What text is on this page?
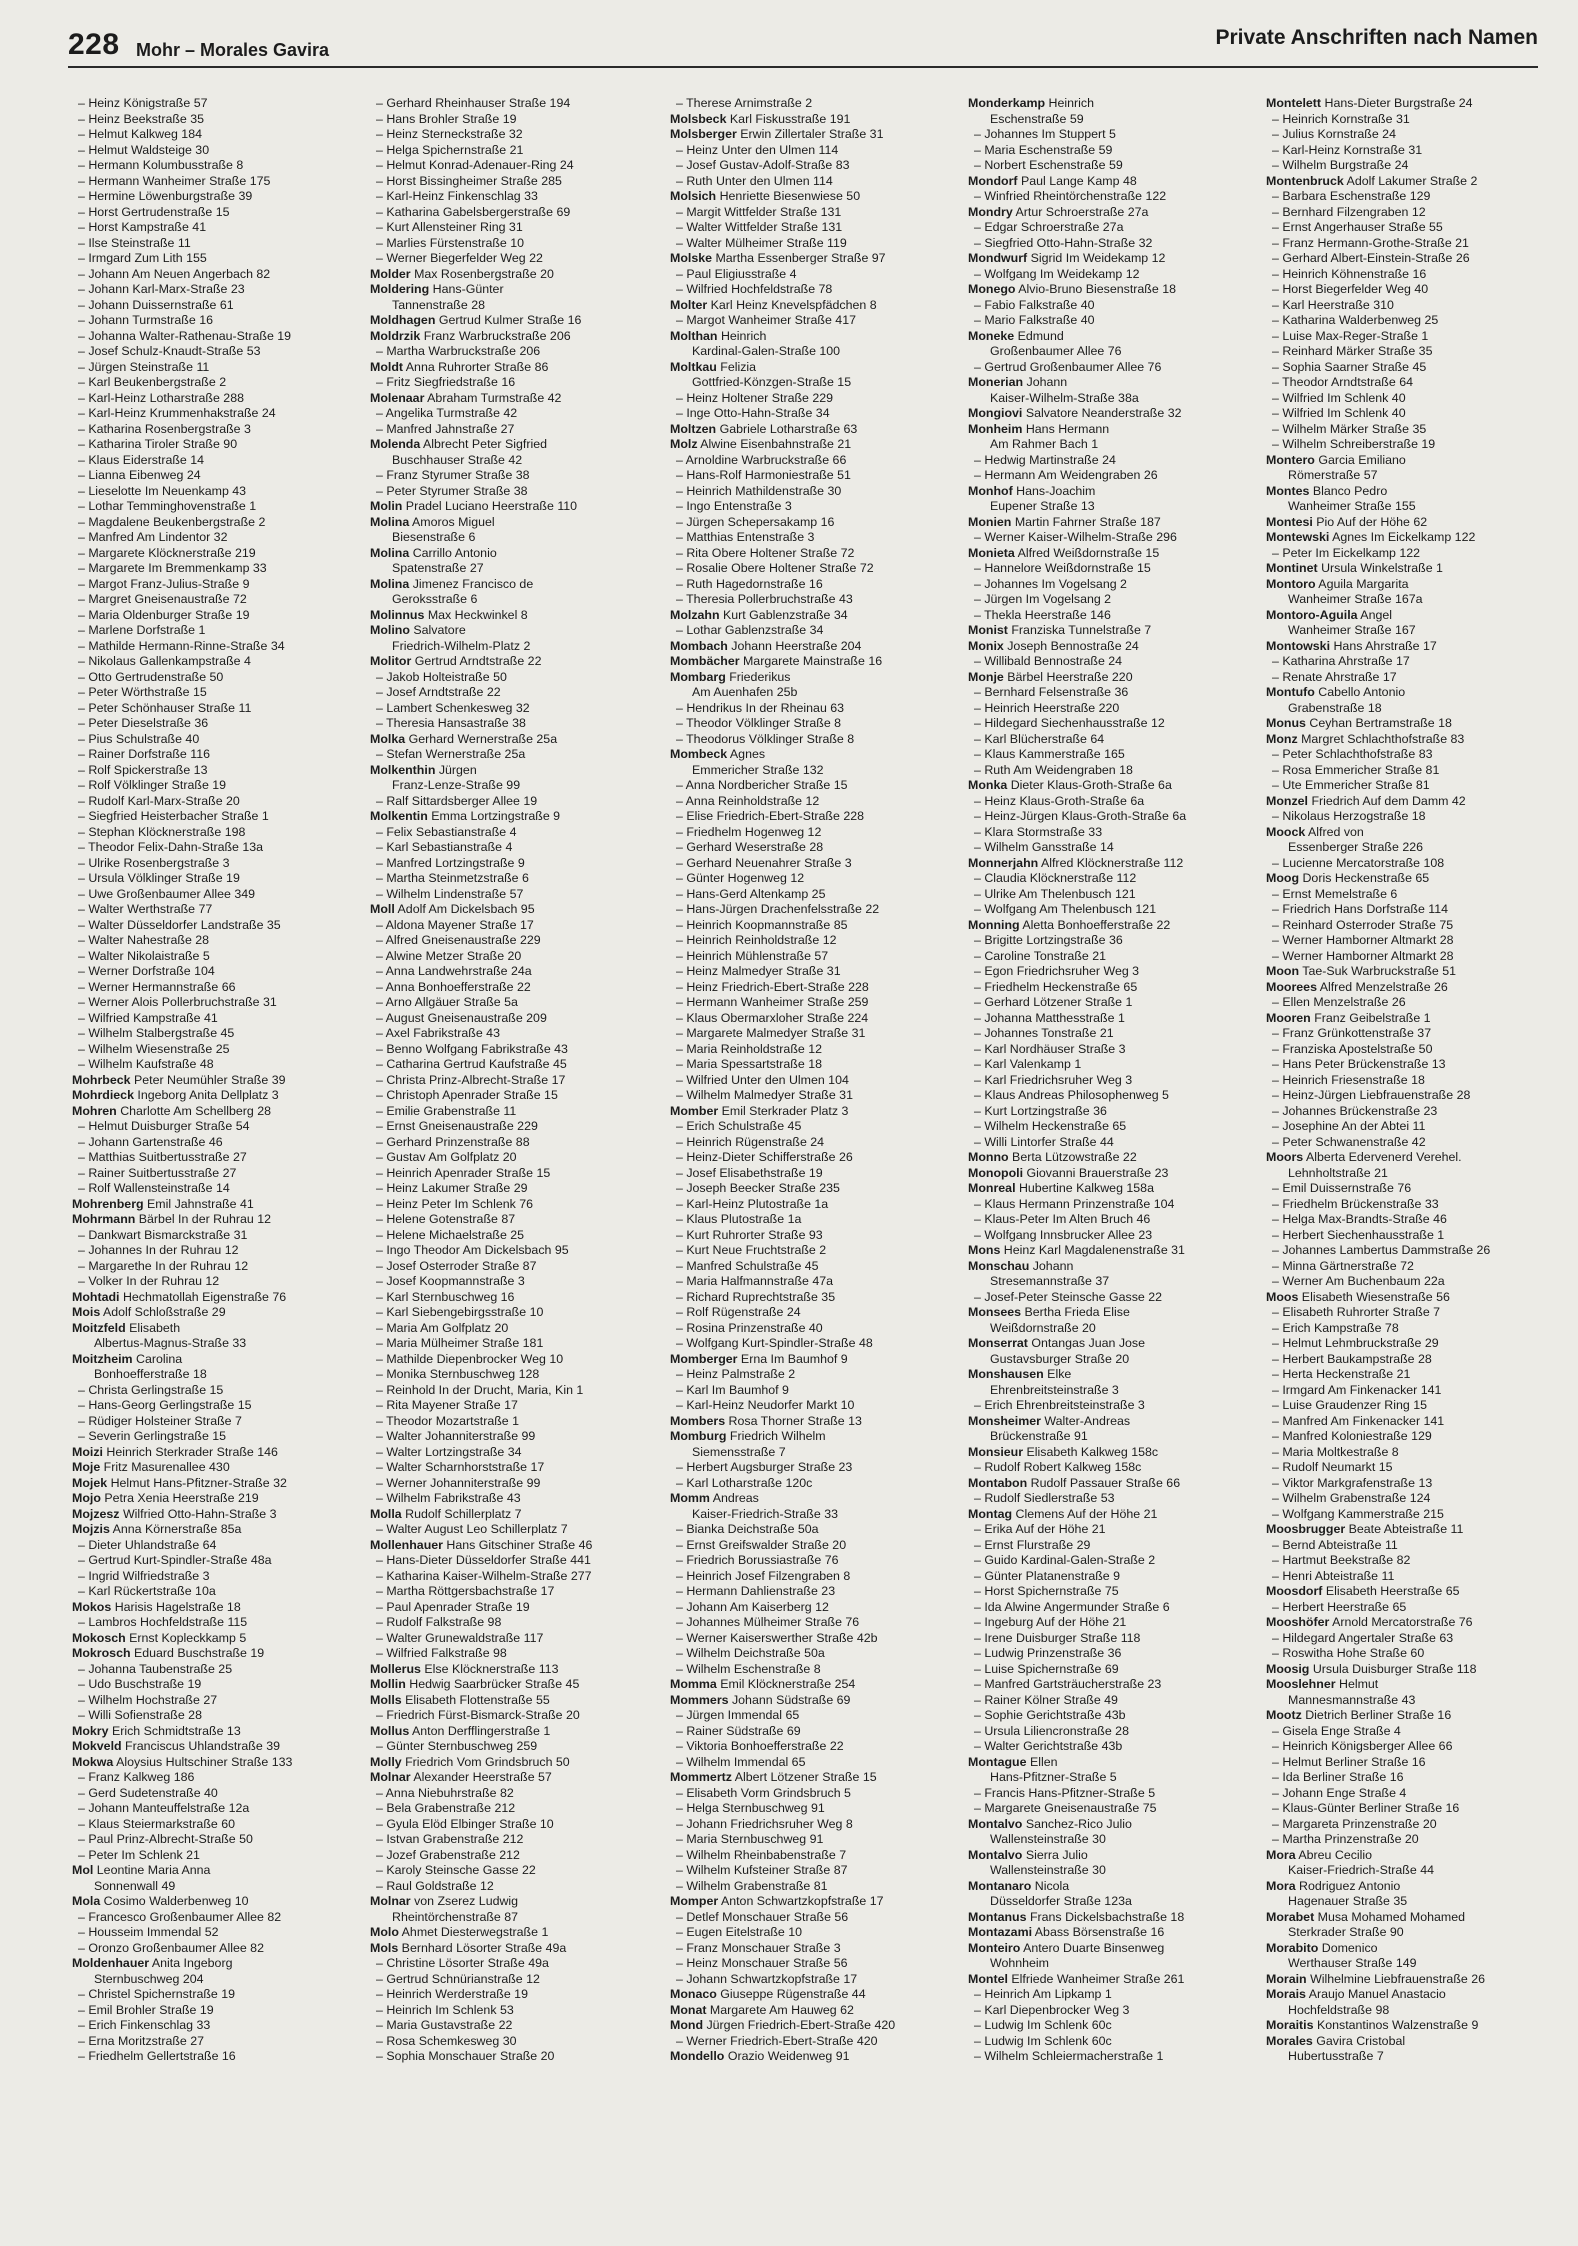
228 Mohr – Morales Gavira
Private Anschriften nach Namen
– Heinz Königstraße 57
– Heinz Beekstraße 35
– Helmut Kalkweg 184
– Helmut Waldsteige 30
– Hermann Kolumbusstraße 8
– Hermann Wanheimer Straße 175
– Hermine Löwenburgstraße 39
– Horst Gertrudenstraße 15
– Horst Kampstraße 41
– Ilse Steinstraße 11
– Irmgard Zum Lith 155
– Johann Am Neuen Angerbach 82
– Johann Karl-Marx-Straße 23
– Johann Duissernstraße 61
– Johann Turmstraße 16
– Johanna Walter-Rathenau-Straße 19
– Josef Schulz-Knaudt-Straße 53
– Jürgen Steinstraße 11
– Karl Beukenbergstraße 2
– Karl-Heinz Lotharstraße 288
– Karl-Heinz Krummenhakstraße 24
– Katharina Rosenbergstraße 3
– Katharina Tiroler Straße 90
– Klaus Eiderstraße 14
– Lianna Eibenweg 24
– Lieselotte Im Neuenkamp 43
– Lothar Temminghovenstraße 1
– Magdalene Beukenbergstraße 2
– Manfred Am Lindentor 32
– Margarete Klöcknerstraße 219
– Margarete Im Bremmenkamp 33
– Margot Franz-Julius-Straße 9
– Margret Gneisenaustraße 72
– Maria Oldenburger Straße 19
– Marlene Dorfstraße 1
– Mathilde Hermann-Rinne-Straße 34
– Nikolaus Gallenkampstraße 4
– Otto Gertrudenstraße 50
– Peter Wörthstraße 15
– Peter Schönhauser Straße 11
– Peter Dieselstraße 36
– Pius Schulstraße 40
– Rainer Dorfstraße 116
– Rolf Spickerstraße 13
– Rolf Völklinger Straße 19
– Rudolf Karl-Marx-Straße 20
– Siegfried Heisterbacher Straße 1
– Stephan Klöcknerstraße 198
– Theodor Felix-Dahn-Straße 13a
– Ulrike Rosenbergstraße 3
– Ursula Völklinger Straße 19
– Uwe Großenbaumer Allee 349
– Walter Werthstraße 77
– Walter Düsseldorfer Landstraße 35
– Walter Nahestraße 28
– Walter Nikolaistraße 5
– Werner Dorfstraße 104
– Werner Hermannstraße 66
– Werner Alois Pollerbruchstraße 31
– Wilfried Kampstraße 41
– Wilhelm Stalbergstraße 45
– Wilhelm Wiesenstraße 25
– Wilhelm Kaufstraße 48
Mohrbeck Peter Neumühler Straße 39
Mohrdieck Ingeborg Anita Dellplatz 3
Mohren Charlotte Am Schellberg 28
– Helmut Duisburger Straße 54
– Johann Gartenstraße 46
– Matthias Suitbertusstraße 27
– Rainer Suitbertusstraße 27
– Rolf Wallensteinstraße 14
Mohrenberg Emil Jahnstraße 41
Mohrmann Bärbel In der Ruhrau 12
– Dankwart Bismarckstraße 31
– Johannes In der Ruhrau 12
– Margarethe In der Ruhrau 12
– Volker In der Ruhrau 12
Mohtadi Hechmatollah Eigenstraße 76
Mois Adolf Schloßstraße 29
Moitzfeld Elisabeth
Albertus-Magnus-Straße 33
Moitzheim Carolina
Bonhoefferstraße 18
– Christa Gerlingstraße 15
– Hans-Georg Gerlingstraße 15
– Rüdiger Holsteiner Straße 7
– Severin Gerlingstraße 15
Moizi Heinrich Sterkrader Straße 146
Moje Fritz Masurenallee 430
Mojek Helmut Hans-Pfitzner-Straße 32
Mojo Petra Xenia Heerstraße 219
Mojzesz Wilfried Otto-Hahn-Straße 3
Mojzis Anna Körnerstraße 85a
– Dieter Uhlandstraße 64
– Gertrud Kurt-Spindler-Straße 48a
– Ingrid Wilfriedstraße 3
– Karl Rückertstraße 10a
Mokos Harisis Hagelstraße 18
– Lambros Hochfeldstraße 115
Mokosch Ernst Kopleckkamp 5
Mokrosch Eduard Buschstraße 19
– Johanna Taubenstraße 25
– Udo Buschstraße 19
– Wilhelm Hochstraße 27
– Willi Sofienstraße 28
Mokry Erich Schmidtstraße 13
Mokveld Franciscus Uhlandstraße 39
Mokwa Aloysius Hultschiner Straße 133
– Franz Kalkweg 186
– Gerd Sudetenstraße 40
– Johann Manteuffelstraße 12a
– Klaus Steiermarkstraße 60
– Paul Prinz-Albrecht-Straße 50
– Peter Im Schlenk 21
Mol Leontine Maria Anna
Sonnenwall 49
Mola Cosimo Walderbenweg 10
– Francesco Großenbaumer Allee 82
– Housseim Immendal 52
– Oronzo Großenbaumer Allee 82
Moldenhauer Anita Ingeborg
Sternbuschweg 204
– Christel Spichernstraße 19
– Emil Brohler Straße 19
– Erich Finkenschlag 33
– Erna Moritzstraße 27
– Friedhelm Gellertstraße 16
– Gerhard Rheinhauser Straße 194
– Hans Brohler Straße 19
– Heinz Sterneckstraße 32
– Helga Spichernstraße 21
– Helmut Konrad-Adenauer-Ring 24
– Horst Bissingheimer Straße 285
– Karl-Heinz Finkenschlag 33
– Katharina Gabelsbergerstraße 69
– Kurt Allensteiner Ring 31
– Marlies Fürstenstraße 10
– Werner Biegerfelder Weg 22
Molder Max Rosenbergstraße 20
Moldering Hans-Günter
Tannenstraße 28
Moldhagen Gertrud Kulmer Straße 16
Moldrzik Franz Warbruckstraße 206
– Martha Warbruckstraße 206
Moldt Anna Ruhrorter Straße 86
– Fritz Siegfriedstraße 16
Molenaar Abraham Turmstraße 42
– Angelika Turmstraße 42
– Manfred Jahnstraße 27
Molenda Albrecht Peter Sigfried
Buschhauser Straße 42
– Franz Styrumer Straße 38
– Peter Styrumer Straße 38
Molin Pradel Luciano Heerstraße 110
Molina Amoros Miguel
Biesenstraße 6
Molina Carrillo Antonio
Spatenstraße 27
Molina Jimenez Francisco de
Geroksstraße 6
Molinnus Max Heckwinkel 8
Molino Salvatore
Friedrich-Wilhelm-Platz 2
Molitor Gertrud Arndtstraße 22
– Jakob Holteistraße 50
– Josef Arndtstraße 22
– Lambert Schenkesweg 32
– Theresia Hansastraße 38
Molka Gerhard Wernerstraße 25a
– Stefan Wernerstraße 25a
Molkenthin Jürgen
Franz-Lenze-Straße 99
– Ralf Sittardsberger Allee 19
Molkentin Emma Lortzingstraße 9
– Felix Sebastianstraße 4
– Karl Sebastianstraße 4
– Manfred Lortzingstraße 9
– Martha Steinmetzstraße 6
– Wilhelm Lindenstraße 57
Moll Adolf Am Dickelsbach 95
– Aldona Mayener Straße 17
– Alfred Gneisenaustraße 229
– Alwine Metzer Straße 20
– Anna Landwehrstraße 24a
– Anna Bonhoefferstraße 22
– Arno Allgäuer Straße 5a
– August Gneisenaustraße 209
– Axel Fabrikstraße 43
– Benno Wolfgang Fabrikstraße 43
– Catharina Gertrud Kaufstraße 45
– Christa Prinz-Albrecht-Straße 17
– Christoph Apenrader Straße 15
– Emilie Grabenstraße 11
– Ernst Gneisenaustraße 229
– Gerhard Prinzenstraße 88
– Gustav Am Golfplatz 20
– Heinrich Apenrader Straße 15
– Heinz Lakumer Straße 29
– Heinz Peter Im Schlenk 76
– Helene Gotenstraße 87
– Helene Michaelstraße 25
– Ingo Theodor Am Dickelsbach 95
– Josef Osterroder Straße 87
– Josef Koopmannstraße 3
– Karl Sternbuschweg 16
– Karl Siebengebirgsstraße 10
– Maria Am Golfplatz 20
– Maria Mülheimer Straße 181
– Mathilde Diepenbrocker Weg 10
– Monika Sternbuschweg 128
– Reinhold In der Drucht, Maria, Kin 1
– Rita Mayener Straße 17
– Theodor Mozartstraße 1
– Walter Johanniterstraße 99
– Walter Lortzingstraße 34
– Walter Scharnhorststraße 17
– Werner Johanniterstraße 99
– Wilhelm Fabrikstraße 43
Molla Rudolf Schillerplatz 7
– Walter August Leo Schillerplatz 7
Mollenhauer Hans Gitschiner Straße 46
– Hans-Dieter Düsseldorfer Straße 441
– Katharina Kaiser-Wilhelm-Straße 277
– Martha Röttgersbachstraße 17
– Paul Apenrader Straße 19
– Rudolf Falkstraße 98
– Walter Grunewaldstraße 117
– Wilfried Falkstraße 98
Mollerus Else Klöcknerstraße 113
Mollin Hedwig Saarbrücker Straße 45
Molls Elisabeth Flottenstraße 55
– Friedrich Fürst-Bismarck-Straße 20
Mollus Anton Derfflingerstraße 1
– Günter Sternbuschweg 259
Molly Friedrich Vom Grindsbruch 50
Molnar Alexander Heerstraße 57
– Anna Niebuhrstraße 82
– Bela Grabenstraße 212
– Gyula Elöd Elbinger Straße 10
– Istvan Grabenstraße 212
– Jozef Grabenstraße 212
– Karoly Steinsche Gasse 22
– Raul Goldstraße 12
Molnar von Zserez Ludwig
Rheintörchenstraße 87
Molo Ahmet Diesterwegstraße 1
Mols Bernhard Lösorter Straße 49a
– Christine Lösorter Straße 49a
– Gertrud Schnürianstraße 12
– Heinrich Werderstraße 19
– Heinrich Im Schlenk 53
– Maria Gustavstraße 22
– Rosa Schemkesweg 30
– Sophia Monschauer Straße 20
– Therese Arnimstraße 2
Molsbeck Karl Fiskusstraße 191
Molsberger Erwin Zillertaler Straße 31
– Heinz Unter den Ulmen 114
– Josef Gustav-Adolf-Straße 83
– Ruth Unter den Ulmen 114
Molsich Henriette Biesenwiese 50
– Margit Wittfelder Straße 131
– Walter Wittfelder Straße 131
– Walter Mülheimer Straße 119
Molske Martha Essenberger Straße 97
– Paul Eligiusstraße 4
– Wilfried Hochfeldstraße 78
Molter Karl Heinz Knevelspfädchen 8
– Margot Wanheimer Straße 417
Molthan Heinrich
Kardinal-Galen-Straße 100
Moltkau Felizia
Gottfried-Könzgen-Straße 15
– Heinz Holtener Straße 229
– Inge Otto-Hahn-Straße 34
Moltzen Gabriele Lotharstraße 63
Molz Alwine Eisenbahnstraße 21
– Arnoldine Warbruckstraße 66
– Hans-Rolf Harmoniestraße 51
– Heinrich Mathildenstraße 30
– Ingo Entenstraße 3
– Jürgen Schepersakamp 16
– Matthias Entenstraße 3
– Rita Obere Holtener Straße 72
– Rosalie Obere Holtener Straße 72
– Ruth Hagedornstraße 16
– Theresia Pollerbruchstraße 43
Molzahn Kurt Gablenzstraße 34
– Lothar Gablenzstraße 34
Mombach Johann Heerstraße 204
Mombächer Margarete Mainstraße 16
Mombarg Friederikus
Am Auenhafen 25b
– Hendrikus In der Rheinau 63
– Theodor Völklinger Straße 8
– Theodorus Völklinger Straße 8
Mombeck Agnes
Emmericher Straße 132
– Anna Nordbericher Straße 15
– Anna Reinholdstraße 12
– Elise Friedrich-Ebert-Straße 228
– Friedhelm Hogenweg 12
– Gerhard Weserstraße 28
– Gerhard Neuenahrer Straße 3
– Günter Hogenweg 12
– Hans-Gerd Altenkamp 25
– Hans-Jürgen Drachenfelsstraße 22
– Heinrich Koopmannstraße 85
– Heinrich Reinholdstraße 12
– Heinrich Mühlenstraße 57
– Heinz Malmedyer Straße 31
– Heinz Friedrich-Ebert-Straße 228
– Hermann Wanheimer Straße 259
– Klaus Obermarxloher Straße 224
– Margarete Malmedyer Straße 31
– Maria Reinholdstraße 12
– Maria Spessartstraße 18
– Wilfried Unter den Ulmen 104
– Wilhelm Malmedyer Straße 31
Momber Emil Sterkrader Platz 3
– Erich Schulstraße 45
– Heinrich Rügenstraße 24
– Heinz-Dieter Schifferstraße 26
– Josef Elisabethstraße 19
– Joseph Beecker Straße 235
– Karl-Heinz Plutostraße 1a
– Klaus Plutostraße 1a
– Kurt Ruhrorter Straße 93
– Kurt Neue Fruchtstraße 2
– Manfred Schulstraße 45
– Maria Halfmannstraße 47a
– Richard Ruprechtstraße 35
– Rolf Rügenstraße 24
– Rosina Prinzenstraße 40
– Wolfgang Kurt-Spindler-Straße 48
Momberger Erna Im Baumhof 9
– Heinz Palmstraße 2
– Karl Im Baumhof 9
– Karl-Heinz Neudorfer Markt 10
Mombers Rosa Thorner Straße 13
Momburg Friedrich Wilhelm
Siemensstraße 7
– Herbert Augsburger Straße 23
– Karl Lotharstraße 120c
Momm Andreas
Kaiser-Friedrich-Straße 33
– Bianka Deichstraße 50a
– Ernst Greifswalder Straße 20
– Friedrich Borussiastraße 76
– Heinrich Josef Filzengraben 8
– Hermann Dahlienstraße 23
– Johann Am Kaiserberg 12
– Johannes Mülheimer Straße 76
– Werner Kaiserswerther Straße 42b
– Wilhelm Deichstraße 50a
– Wilhelm Eschenstraße 8
Momma Emil Klöcknerstraße 254
Mommers Johann Südstraße 69
– Jürgen Immendal 65
– Rainer Südstraße 69
– Viktoria Bonhoefferstraße 22
– Wilhelm Immendal 65
Mommertz Albert Lötzener Straße 15
– Elisabeth Vorm Grindsbruch 5
– Helga Sternbuschweg 91
– Johann Friedrichsruher Weg 8
– Maria Sternbuschweg 91
– Wilhelm Rheinbabenstraße 7
– Wilhelm Kufsteiner Straße 87
– Wilhelm Grabenstraße 81
Momper Anton Schwartzkopfstraße 17
– Detlef Monschauer Straße 56
– Eugen Eitelstraße 10
– Franz Monschauer Straße 3
– Heinz Monschauer Straße 56
– Johann Schwartzkopfstraße 17
Monaco Giuseppe Rügenstraße 44
Monat Margarete Am Hauweg 62
Mond Jürgen Friedrich-Ebert-Straße 420
– Werner Friedrich-Ebert-Straße 420
Mondello Orazio Weidenweg 91
Monderkamp Heinrich
Eschenstraße 59
– Johannes Im Stuppert 5
– Maria Eschenstraße 59
– Norbert Eschenstraße 59
Mondorf Paul Lange Kamp 48
– Winfried Rheintörchenstraße 122
Mondry Artur Schroerstraße 27a
– Edgar Schroerstraße 27a
– Siegfried Otto-Hahn-Straße 32
Mondwurf Sigrid Im Weidekamp 12
– Wolfgang Im Weidekamp 12
Monego Alvio-Bruno Biesenstraße 18
– Fabio Falkstraße 40
– Mario Falkstraße 40
Moneke Edmund
Großenbaumer Allee 76
– Gertrud Großenbaumer Allee 76
Monerian Johann
Kaiser-Wilhelm-Straße 38a
Mongiovi Salvatore Neanderstraße 32
Monheim Hans Hermann
Am Rahmer Bach 1
– Hedwig Martinstraße 24
– Hermann Am Weidengraben 26
Monhof Hans-Joachim
Eupener Straße 13
Monien Martin Fahrner Straße 187
– Werner Kaiser-Wilhelm-Straße 296
Monieta Alfred Weißdornstraße 15
– Hannelore Weißdornstraße 15
– Johannes Im Vogelsang 2
– Jürgen Im Vogelsang 2
– Thekla Heerstraße 146
Monist Franziska Tunnelstraße 7
Monix Joseph Bennostraße 24
– Willibald Bennostraße 24
Monje Bärbel Heerstraße 220
– Bernhard Felsenstraße 36
– Heinrich Heerstraße 220
– Hildegard Siechenhausstraße 12
– Karl Blücherstraße 64
– Klaus Kammerstraße 165
– Ruth Am Weidengraben 18
Monka Dieter Klaus-Groth-Straße 6a
– Heinz Klaus-Groth-Straße 6a
– Heinz-Jürgen Klaus-Groth-Straße 6a
– Klara Stormstraße 33
– Wilhelm Gansstraße 14
Monnerjahn Alfred Klöcknerstraße 112
– Claudia Klöcknerstraße 112
– Ulrike Am Thelenbusch 121
– Wolfgang Am Thelenbusch 121
Monning Aletta Bonhoefferstraße 22
– Brigitte Lortzingstraße 36
– Caroline Tonstraße 21
– Egon Friedrichsruher Weg 3
– Friedhelm Heckenstraße 65
– Gerhard Lötzener Straße 1
– Johanna Matthesstraße 1
– Johannes Tonstraße 21
– Karl Nordhäuser Straße 3
– Karl Valenkamp 1
– Karl Friedrichsruher Weg 3
– Klaus Andreas Philosophenweg 5
– Kurt Lortzingstraße 36
– Wilhelm Heckenstraße 65
– Willi Lintorfer Straße 44
Monno Berta Lützowstraße 22
Monopoli Giovanni Brauerstraße 23
Monreal Hubertine Kalkweg 158a
– Klaus Hermann Prinzenstraße 104
– Klaus-Peter Im Alten Bruch 46
– Wolfgang Innsbrucker Allee 23
Mons Heinz Karl Magdalenenstraße 31
Monschau Johann
Stresemannstraße 37
– Josef-Peter Steinsche Gasse 22
Monsees Bertha Frieda Elise
Weißdornstraße 20
Monserrat Ontangas Juan Jose
Gustavsburger Straße 20
Monshausen Elke
Ehrenbreitsteinstraße 3
– Erich Ehrenbreitsteinstraße 3
Monsheimer Walter-Andreas
Brückenstraße 91
Monsieur Elisabeth Kalkweg 158c
– Rudolf Robert Kalkweg 158c
Montabon Rudolf Passauer Straße 66
– Rudolf Siedlerstraße 53
Montag Clemens Auf der Höhe 21
– Erika Auf der Höhe 21
– Ernst Flurstraße 29
– Guido Kardinal-Galen-Straße 2
– Günter Platanenstraße 9
– Horst Spichernstraße 75
– Ida Alwine Angermunder Straße 6
– Ingeburg Auf der Höhe 21
– Irene Duisburger Straße 118
– Ludwig Prinzenstraße 36
– Luise Spichernstraße 69
– Manfred Gartsträucherstraße 23
– Rainer Kölner Straße 49
– Sophie Gerichtstraße 43b
– Ursula Liliencronstraße 28
– Walter Gerichtstraße 43b
Montague Ellen
Hans-Pfitzner-Straße 5
– Francis Hans-Pfitzner-Straße 5
– Margarete Gneisenaustraße 75
Montalvo Sanchez-Rico Julio
Wallensteinstraße 30
Montalvo Sierra Julio
Wallensteinstraße 30
Montanaro Nicola
Düsseldorfer Straße 123a
Montanus Frans Dickelsbachstraße 18
Montazami Abass Börsenstraße 16
Monteiro Antero Duarte Binsenweg
Wohnheim
Montel Elfriede Wanheimer Straße 261
– Heinrich Am Lipkamp 1
– Karl Diepenbrocker Weg 3
– Ludwig Im Schlenk 60c
– Ludwig Im Schlenk 60c
– Wilhelm Schleiermacherstraße 1
Montelett Hans-Dieter Burgstraße 24
– Heinrich Kornstraße 31
– Julius Kornstraße 24
– Karl-Heinz Kornstraße 31
– Wilhelm Burgstraße 24
Montenbruck Adolf Lakumer Straße 2
– Barbara Eschenstraße 129
– Bernhard Filzengraben 12
– Ernst Angerhauser Straße 55
– Franz Hermann-Grothe-Straße 21
– Gerhard Albert-Einstein-Straße 26
– Heinrich Köhnenstraße 16
– Horst Biegerfelder Weg 40
– Karl Heerstraße 310
– Katharina Walderbenweg 25
– Luise Max-Reger-Straße 1
– Reinhard Märker Straße 35
– Sophia Saarner Straße 45
– Theodor Arndtstraße 64
– Wilfried Im Schlenk 40
– Wilfried Im Schlenk 40
– Wilhelm Märker Straße 35
– Wilhelm Schreiberstraße 19
Montero Garcia Emiliano
Römerstraße 57
Montes Blanco Pedro
Wanheimer Straße 155
Montesi Pio Auf der Höhe 62
Montewski Agnes Im Eickelkamp 122
– Peter Im Eickelkamp 122
Montinet Ursula Winkelstraße 1
Montoro Aguila Margarita
Wanheimer Straße 167a
Montoro-Aguila Angel
Wanheimer Straße 167
Montowski Hans Ahrstraße 17
– Katharina Ahrstraße 17
– Renate Ahrstraße 17
Montufo Cabello Antonio
Grabenstraße 18
Monus Ceyhan Bertramstraße 18
Monz Margret Schlachthofstraße 83
– Peter Schlachthofstraße 83
– Rosa Emmericher Straße 81
– Ute Emmericher Straße 81
Monzel Friedrich Auf dem Damm 42
– Nikolaus Herzogstraße 18
Moock Alfred von
Essenberger Straße 226
– Lucienne Mercatorstraße 108
Moog Doris Heckenstraße 65
– Ernst Memelstraße 6
– Friedrich Hans Dorfstraße 114
– Reinhard Osterroder Straße 75
– Werner Hamborner Altmarkt 28
– Werner Hamborner Altmarkt 28
Moon Tae-Suk Warbruckstraße 51
Moorees Alfred Menzelstraße 26
– Ellen Menzelstraße 26
Mooren Franz Geibelstraße 1
– Franz Grünkottenstraße 37
– Franziska Apostelstraße 50
– Hans Peter Brückenstraße 13
– Heinrich Friesenstraße 18
– Heinz-Jürgen Liebfrauenstraße 28
– Johannes Brückenstraße 23
– Josephine An der Abtei 11
– Peter Schwanenstraße 42
Moors Alberta Edervenerd Verehel.
Lehnholtstraße 21
– Emil Duissernstraße 76
– Friedhelm Brückenstraße 33
– Helga Max-Brandts-Straße 46
– Herbert Siechenhausstraße 1
– Johannes Lambertus Dammstraße 26
– Minna Gärtnerstraße 72
– Werner Am Buchenbaum 22a
Moos Elisabeth Wiesenstraße 56
– Elisabeth Ruhrorter Straße 7
– Erich Kampstraße 78
– Helmut Lehmbruckstraße 29
– Herbert Baukampstraße 28
– Herta Heckenstraße 21
– Irmgard Am Finkenacker 141
– Luise Graudenzer Ring 15
– Manfred Am Finkenacker 141
– Manfred Koloniestraße 129
– Maria Moltkestraße 8
– Rudolf Neumarkt 15
– Viktor Markgrafenstraße 13
– Wilhelm Grabenstraße 124
– Wolfgang Kammerstraße 215
Moosbrugger Beate Abteistraße 11
– Bernd Abteistraße 11
– Hartmut Beekstraße 82
– Henri Abteistraße 11
Moosdorf Elisabeth Heerstraße 65
– Herbert Heerstraße 65
Mooshöfer Arnold Mercatorstraße 76
– Hildegard Angertaler Straße 63
– Roswitha Hohe Straße 60
Moosig Ursula Duisburger Straße 118
Mooslehner Helmut
Mannesmannstraße 43
Mootz Dietrich Berliner Straße 16
– Gisela Enge Straße 4
– Heinrich Königsberger Allee 66
– Helmut Berliner Straße 16
– Ida Berliner Straße 16
– Johann Enge Straße 4
– Klaus-Günter Berliner Straße 16
– Margareta Prinzenstraße 20
– Martha Prinzenstraße 20
Mora Abreu Cecilio
Kaiser-Friedrich-Straße 44
Mora Rodriguez Antonio
Hagenauer Straße 35
Morabet Musa Mohamed Mohamed
Sterkrader Straße 90
Morabito Domenico
Werthauser Straße 149
Morain Wilhelmine Liebfrauenstraße 26
Morais Araujo Manuel Anastacio
Hochfeldstraße 98
Moraitis Konstantinos Walzenstraße 9
Morales Gavira Cristobal
Hubertusstraße 7
